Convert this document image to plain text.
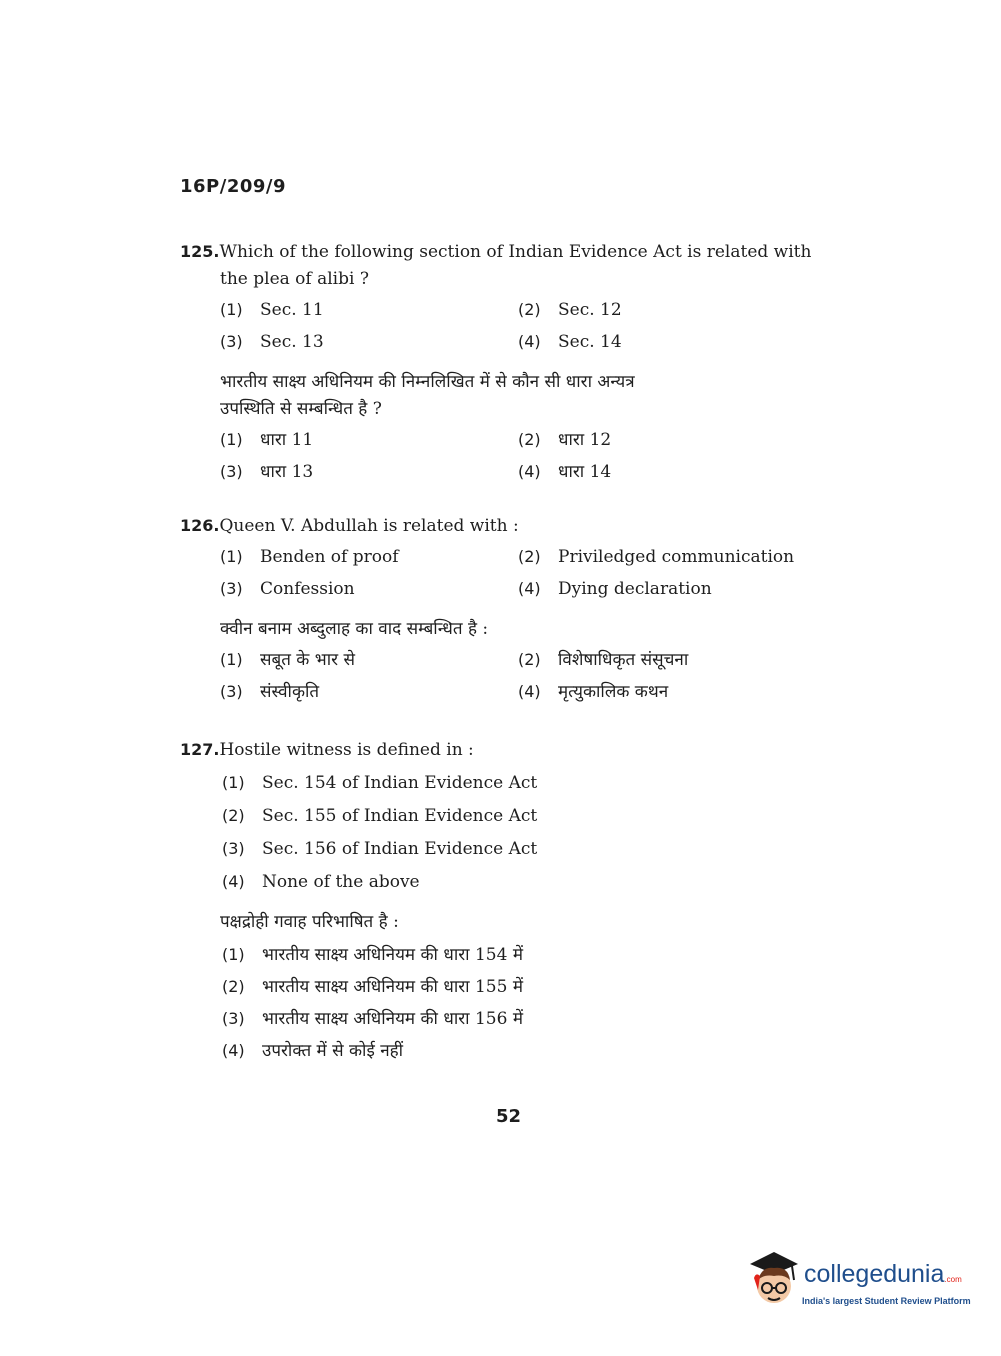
16P/209/9
125.Which of the following section of Indian Evidence Act is related with
the plea of alibi ?
(1) Sec. 11	(2) Sec. 12
(3) Sec. 13	(4) Sec. 14
भारतीय साक्ष्य अधिनियम की निम्नलिखित में से कौन सी धारा अन्यत्र
उपस्थिति से सम्बन्धित है ?
(1) धारा 11	(2) धारा 12
(3) धारा 13	(4) धारा 14
126.Queen V. Abdullah is related with :
(1) Benden of proof	(2) Priviledged communication
(3) Confession	(4) Dying declaration
क्वीन बनाम अब्दुलाह का वाद सम्बन्धित है :
(1) सबूत के भार से	(2) विशेषाधिकृत संसूचना
(3) संस्वीकृति	(4) मृत्युकालिक कथन
127.Hostile witness is defined in :
(1) Sec. 154 of Indian Evidence Act
(2) Sec. 155 of Indian Evidence Act
(3) Sec. 156 of Indian Evidence Act
(4) None of the above
पक्षद्रोही गवाह परिभाषित है :
(1) भारतीय साक्ष्य अधिनियम की धारा 154 में
(2) भारतीय साक्ष्य अधिनियम की धारा 155 में
(3) भारतीय साक्ष्य अधिनियम की धारा 156 में
(4) उपरोक्त में से कोई नहीं
52
collegedunia.com
India's largest Student Review Platform
